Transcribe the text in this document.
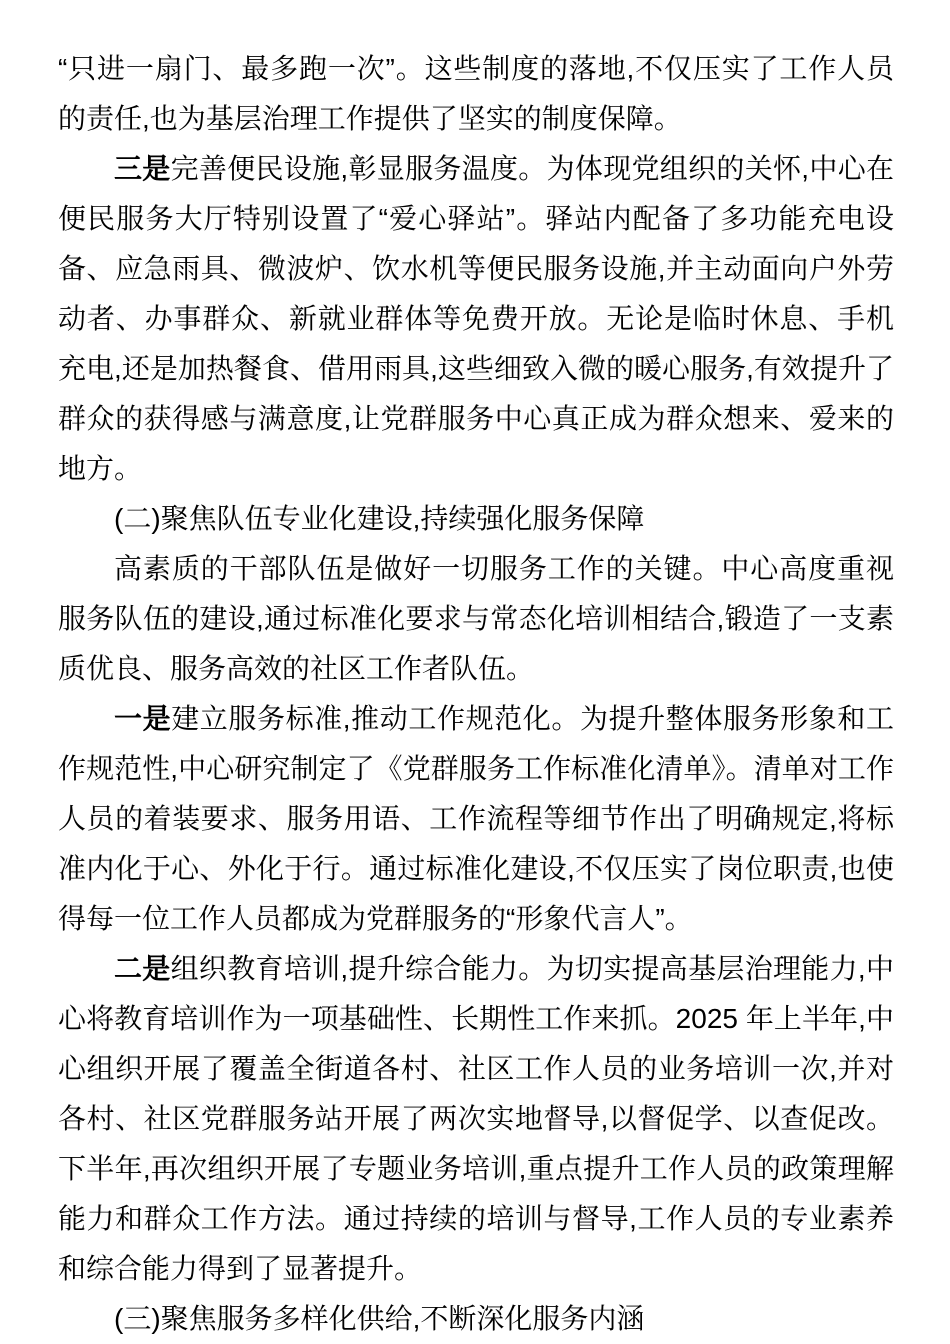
“只进一扇门、最多跑一次”。这些制度的落地,不仅压实了工作人员的责任,也为基层治理工作提供了坚实的制度保障。

三是完善便民设施,彰显服务温度。为体现党组织的关怀,中心在便民服务大厅特别设置了“爱心驿站”。驿站内配备了多功能充电设备、应急雨具、微波炉、饮水机等便民服务设施,并主动面向户外劳动者、办事群众、新就业群体等免费开放。无论是临时休息、手机充电,还是加热餐食、借用雨具,这些细致入微的暖心服务,有效提升了群众的获得感与满意度,让党群服务中心真正成为群众想来、爱来的地方。

(二)聚焦队伍专业化建设,持续强化服务保障

高素质的干部队伍是做好一切服务工作的关键。中心高度重视服务队伍的建设,通过标准化要求与常态化培训相结合,锻造了一支素质优良、服务高效的社区工作者队伍。

一是建立服务标准,推动工作规范化。为提升整体服务形象和工作规范性,中心研究制定了《党群服务工作标准化清单》。清单对工作人员的着装要求、服务用语、工作流程等细节作出了明确规定,将标准内化于心、外化于行。通过标准化建设,不仅压实了岗位职责,也使得每一位工作人员都成为党群服务的“形象代言人”。

二是组织教育培训,提升综合能力。为切实提高基层治理能力,中心将教育培训作为一项基础性、长期性工作来抓。2025 年上半年,中心组织开展了覆盖全街道各村、社区工作人员的业务培训一次,并对各村、社区党群服务站开展了两次实地督导,以督促学、以查促改。下半年,再次组织开展了专题业务培训,重点提升工作人员的政策理解能力和群众工作方法。通过持续的培训与督导,工作人员的专业素养和综合能力得到了显著提升。

(三)聚焦服务多样化供给,不断深化服务内涵
